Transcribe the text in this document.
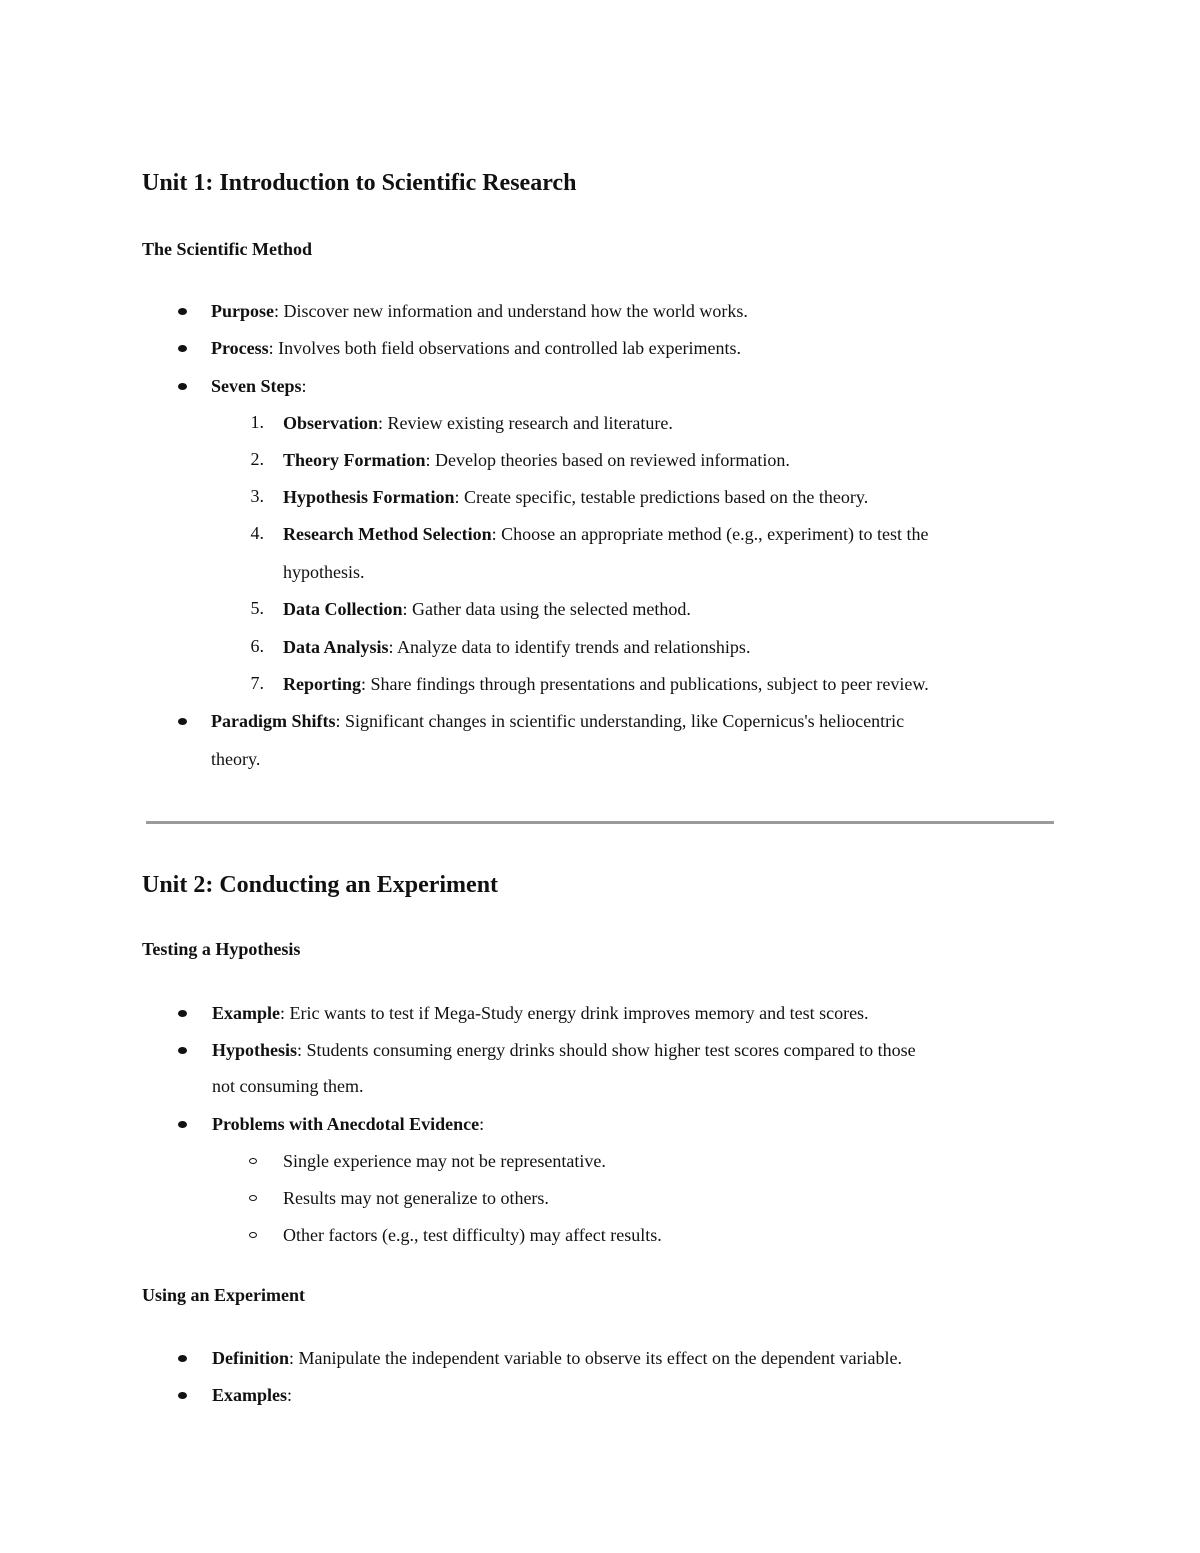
Unit 1: Introduction to Scientific Research
The Scientific Method
Purpose: Discover new information and understand how the world works.
Process: Involves both field observations and controlled lab experiments.
Seven Steps:
1. Observation: Review existing research and literature.
2. Theory Formation: Develop theories based on reviewed information.
3. Hypothesis Formation: Create specific, testable predictions based on the theory.
4. Research Method Selection: Choose an appropriate method (e.g., experiment) to test the
hypothesis.
5. Data Collection: Gather data using the selected method.
6. Data Analysis: Analyze data to identify trends and relationships.
7. Reporting: Share findings through presentations and publications, subject to peer review.
Paradigm Shifts: Significant changes in scientific understanding, like Copernicus's heliocentric
theory.
Unit 2: Conducting an Experiment
Testing a Hypothesis
Example: Eric wants to test if Mega-Study energy drink improves memory and test scores.
Hypothesis: Students consuming energy drinks should show higher test scores compared to those
not consuming them.
Problems with Anecdotal Evidence:
Single experience may not be representative.
Results may not generalize to others.
Other factors (e.g., test difficulty) may affect results.
Using an Experiment
Definition: Manipulate the independent variable to observe its effect on the dependent variable.
Examples:
